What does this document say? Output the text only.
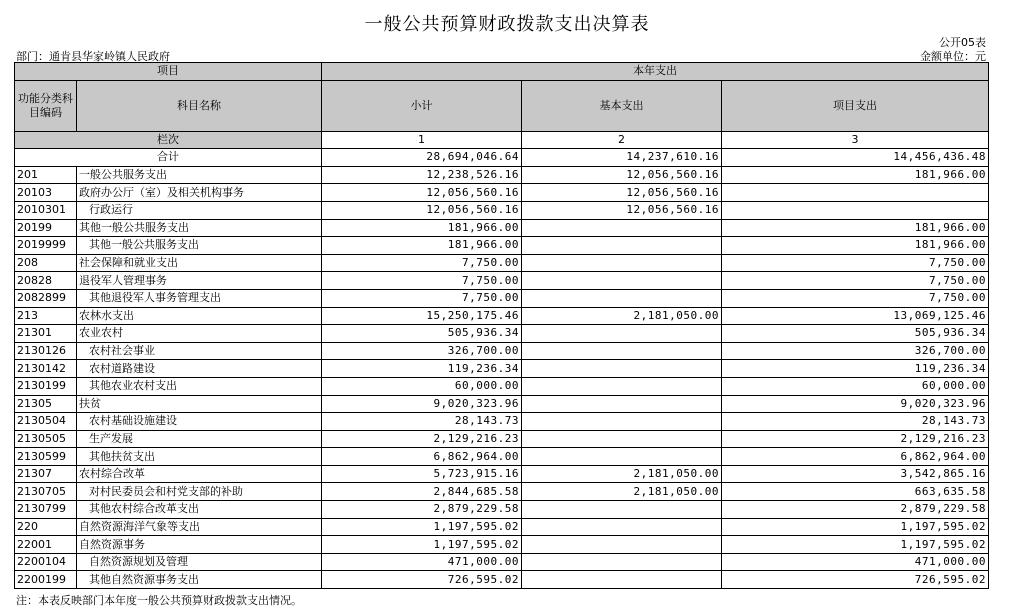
一般公共预算财政拨款支出决算表
公开05表
部门：通肯县华家岭镇人民政府	金额单位：元
项目		本年支出		
功能分类科目编码	科目名称	小计	基本支出	项目支出
栏次		1	2	3
合计		28,694,046.64	14,237,610.16	14,456,436.48
201	一般公共服务支出	12,238,526.16	12,056,560.16	181,966.00
20103	政府办公厅（室）及相关机构事务	12,056,560.16	12,056,560.16	
2010301	行政运行	12,056,560.16	12,056,560.16	
20199	其他一般公共服务支出	181,966.00		181,966.00
2019999	其他一般公共服务支出	181,966.00		181,966.00
208	社会保障和就业支出	7,750.00		7,750.00
20828	退役军人管理事务	7,750.00		7,750.00
2082899	其他退役军人事务管理支出	7,750.00		7,750.00
213	农林水支出	15,250,175.46	2,181,050.00	13,069,125.46
21301	农业农村	505,936.34		505,936.34
2130126	农村社会事业	326,700.00		326,700.00
2130142	农村道路建设	119,236.34		119,236.34
2130199	其他农业农村支出	60,000.00		60,000.00
21305	扶贫	9,020,323.96		9,020,323.96
2130504	农村基础设施建设	28,143.73		28,143.73
2130505	生产发展	2,129,216.23		2,129,216.23
2130599	其他扶贫支出	6,862,964.00		6,862,964.00
21307	农村综合改革	5,723,915.16	2,181,050.00	3,542,865.16
2130705	对村民委员会和村党支部的补助	2,844,685.58	2,181,050.00	663,635.58
2130799	其他农村综合改革支出	2,879,229.58		2,879,229.58
220	自然资源海洋气象等支出	1,197,595.02		1,197,595.02
22001	自然资源事务	1,197,595.02		1,197,595.02
2200104	自然资源规划及管理	471,000.00		471,000.00
2200199	其他自然资源事务支出	726,595.02		726,595.02
注：本表反映部门本年度一般公共预算财政拨款支出情况。
